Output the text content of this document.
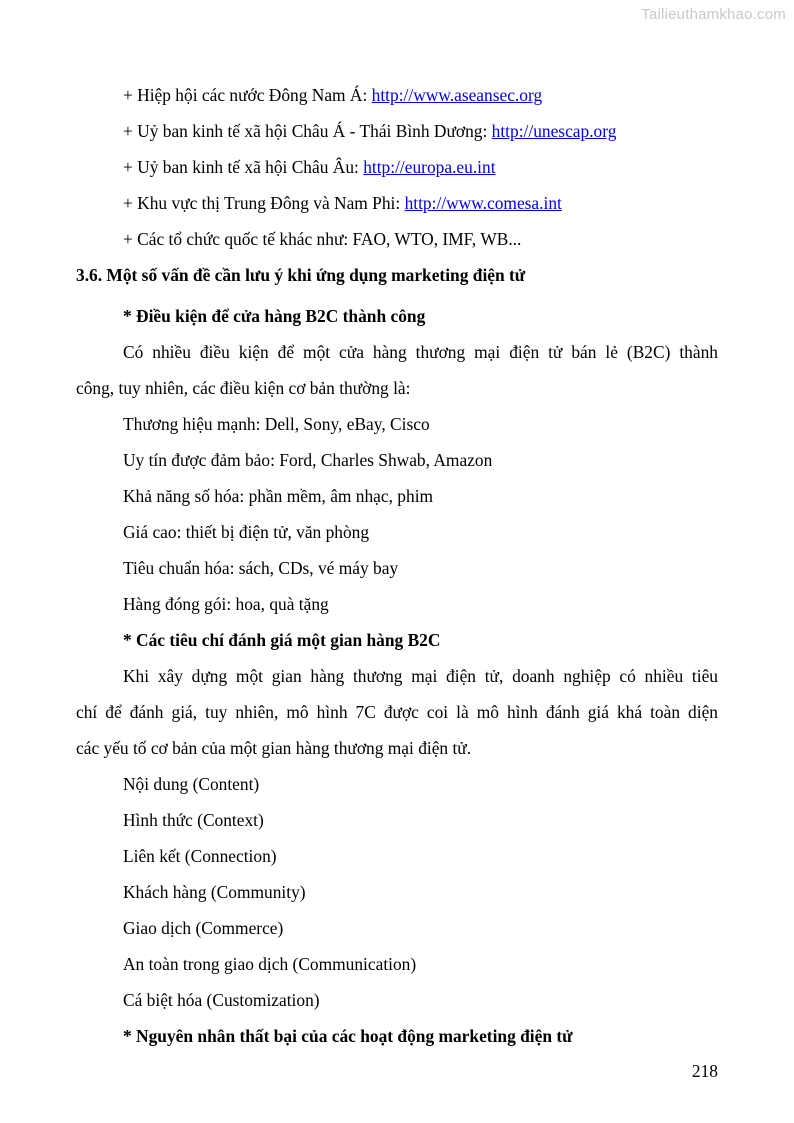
Tailieuthamkhao.com
+ Hiệp hội các nước Đông Nam Á: http://www.aseansec.org
+ Uỷ ban kinh tế xã hội Châu Á - Thái Bình Dương: http://unescap.org
+ Uỷ ban kinh tế xã hội Châu Âu: http://europa.eu.int
+ Khu vực thị Trung Đông và Nam Phi: http://www.comesa.int
+ Các tổ chức quốc tế khác như: FAO, WTO, IMF, WB...
3.6. Một số vấn đề cần lưu ý khi ứng dụng marketing điện tử
* Điều kiện để cửa hàng B2C thành công
Có nhiều điều kiện để một cửa hàng thương mại điện tử bán lẻ (B2C) thành
công, tuy nhiên, các điều kiện cơ bản thường là:
Thương hiệu mạnh: Dell, Sony, eBay, Cisco
Uy tín được đảm bảo: Ford, Charles Shwab, Amazon
Khả năng số hóa: phần mềm, âm nhạc, phim
Giá cao: thiết bị điện tử, văn phòng
Tiêu chuẩn hóa: sách, CDs, vé máy bay
Hàng đóng gói: hoa, quà tặng
* Các tiêu chí đánh giá một gian hàng B2C
Khi xây dựng một gian hàng thương mại điện tử, doanh nghiệp có nhiều tiêu
chí để đánh giá, tuy nhiên, mô hình 7C được coi là mô hình đánh giá khá toàn diện
các yếu tố cơ bản của một gian hàng thương mại điện tử.
Nội dung (Content)
Hình thức (Context)
Liên kết (Connection)
Khách hàng (Community)
Giao dịch (Commerce)
An toàn trong giao dịch (Communication)
Cá biệt hóa (Customization)
* Nguyên nhân thất bại của các hoạt động marketing điện tử
218
